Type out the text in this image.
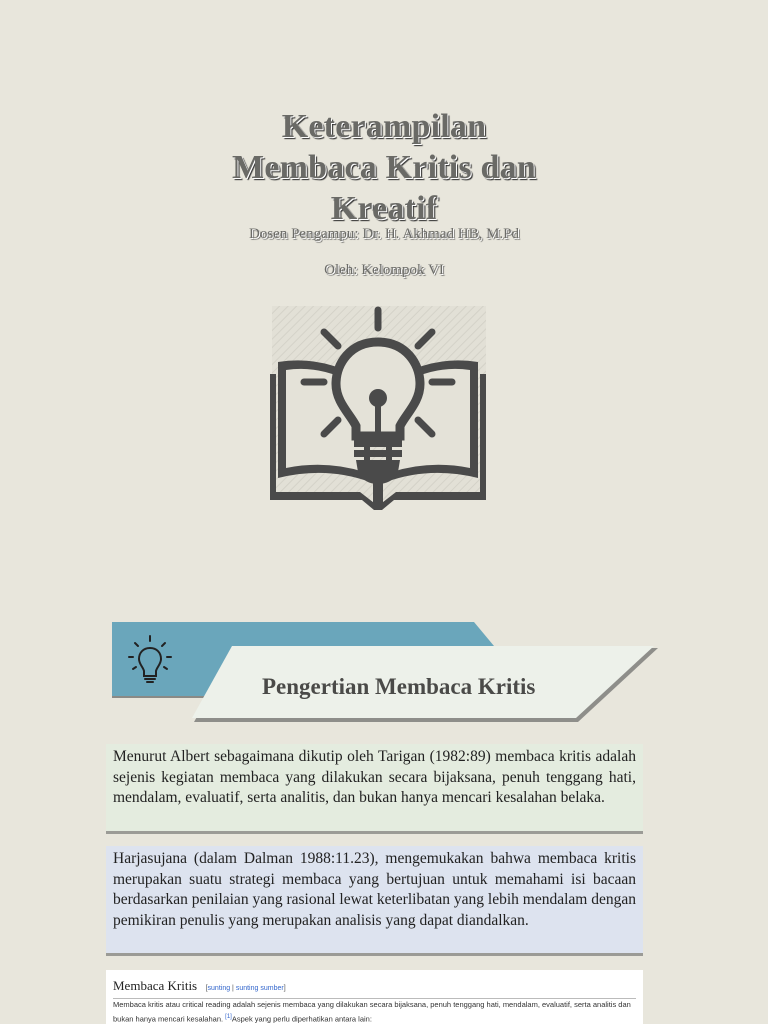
Keterampilan
Membaca Kritis dan
Kreatif
Dosen Pengampu: Dr. H. Akhmad HB, M.Pd
Oleh: Kelompok VI
Pengertian Membaca Kritis
Menurut Albert sebagaimana dikutip oleh Tarigan (1982:89) membaca kritis adalah sejenis kegiatan membaca yang dilakukan secara bijaksana, penuh tenggang hati, mendalam, evaluatif, serta analitis, dan bukan hanya mencari kesalahan belaka.
Harjasujana (dalam Dalman 1988:11.23), mengemukakan bahwa membaca kritis merupakan suatu strategi membaca yang bertujuan untuk memahami isi bacaan berdasarkan penilaian yang rasional lewat keterlibatan yang lebih mendalam dengan pemikiran penulis yang merupakan analisis yang dapat diandalkan.
Membaca Kritis [sunting | sunting sumber]
Membaca kritis atau critical reading adalah sejenis membaca yang dilakukan secara bijaksana, penuh tenggang hati, mendalam, evaluatif, serta analitis dan bukan hanya mencari kesalahan. [1]Aspek yang perlu diperhatikan antara lain:
